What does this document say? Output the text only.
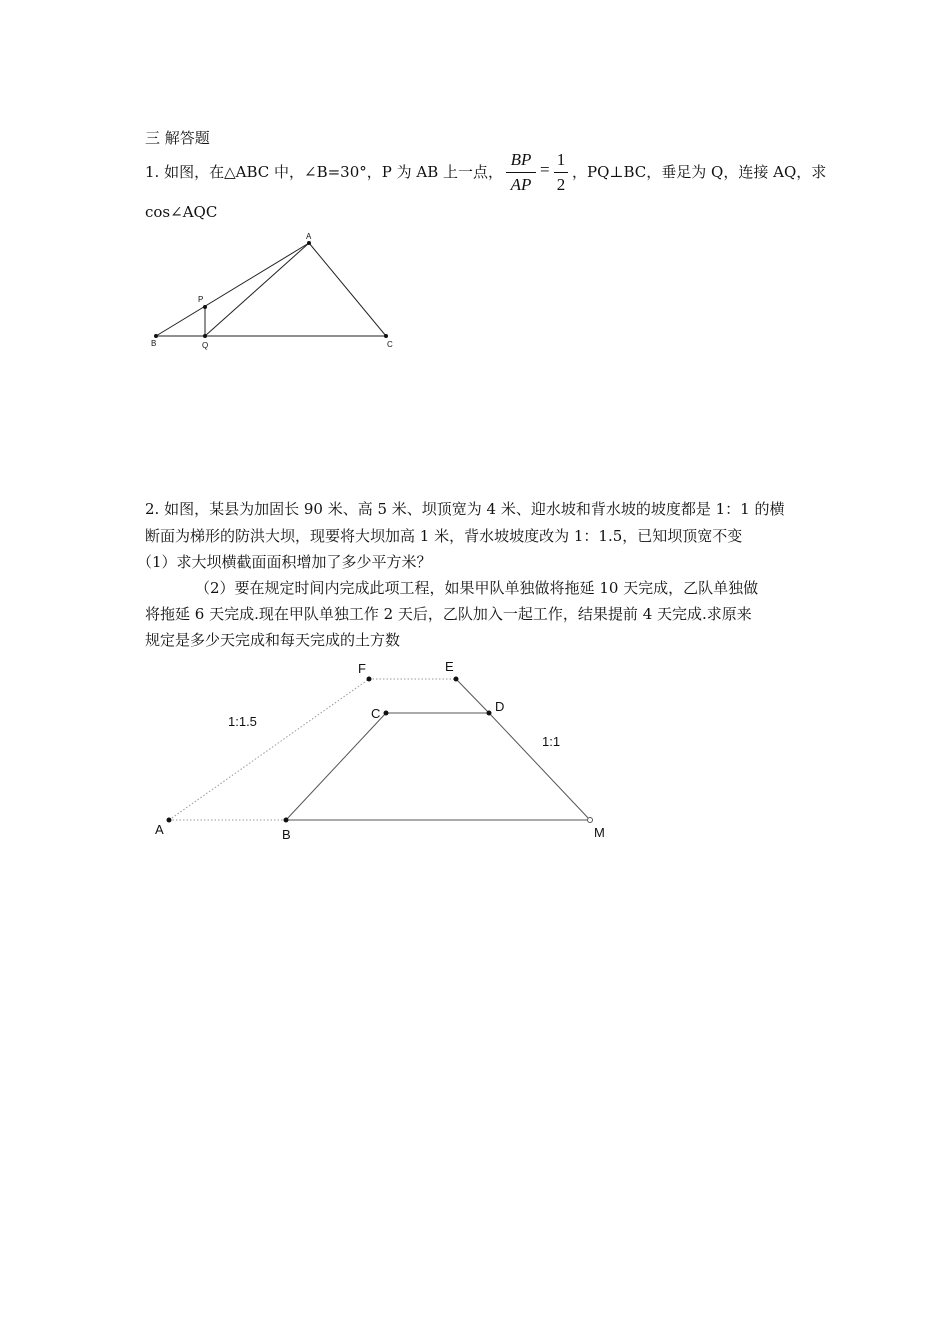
三 解答题
1. 如图，在△ABC 中，∠B=30°，P 为 AB 上一点，
BP
AP
=
1
2
，PQ⊥BC，垂足为 Q，连接 AQ，求
cos∠AQC
A
P
B	Q	C
F	E
C	D
A	B	M
1:1.5
1:1
2. 如图，某县为加固长 90 米、高 5 米、坝顶宽为 4 米、迎水坡和背水坡的坡度都是 1：1 的横
断面为梯形的防洪大坝，现要将大坝加高 1 米，背水坡坡度改为 1：1.5，已知坝顶宽不变
（1）求大坝横截面面积增加了多少平方米？
（2）要在规定时间内完成此项工程，如果甲队单独做将拖延 10 天完成，乙队单独做
将拖延 6 天完成.现在甲队单独工作 2 天后，乙队加入一起工作，结果提前 4 天完成.求原来
规定是多少天完成和每天完成的土方数
